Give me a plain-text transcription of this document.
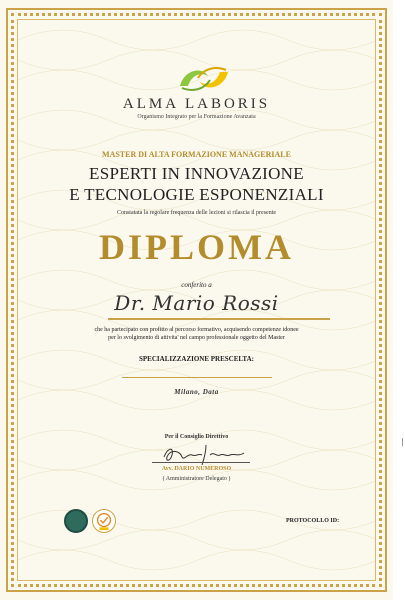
ALMA LABORIS
Organismo Integrato per la Formazione Avanzata
MASTER DI ALTA FORMAZIONE MANAGERIALE
ESPERTI IN INNOVAZIONE
E TECNOLOGIE ESPONENZIALI
Constatata la regolare frequenza delle lezioni si rilascia il presente
DIPLOMA
conferito a
Dr. Mario Rossi
che ha partecipato con profitto al percorso formativo, acquisendo competenze idonee
per lo svolgimento di attivita' nel campo professionale oggetto del Master
SPECIALIZZAZIONE PRESCELTA:
Milano, Data
Per il Consiglio Direttivo
Avv. DARIO NUMEROSO
( Amministratore Delegato )
PROTOCOLLO ID:
